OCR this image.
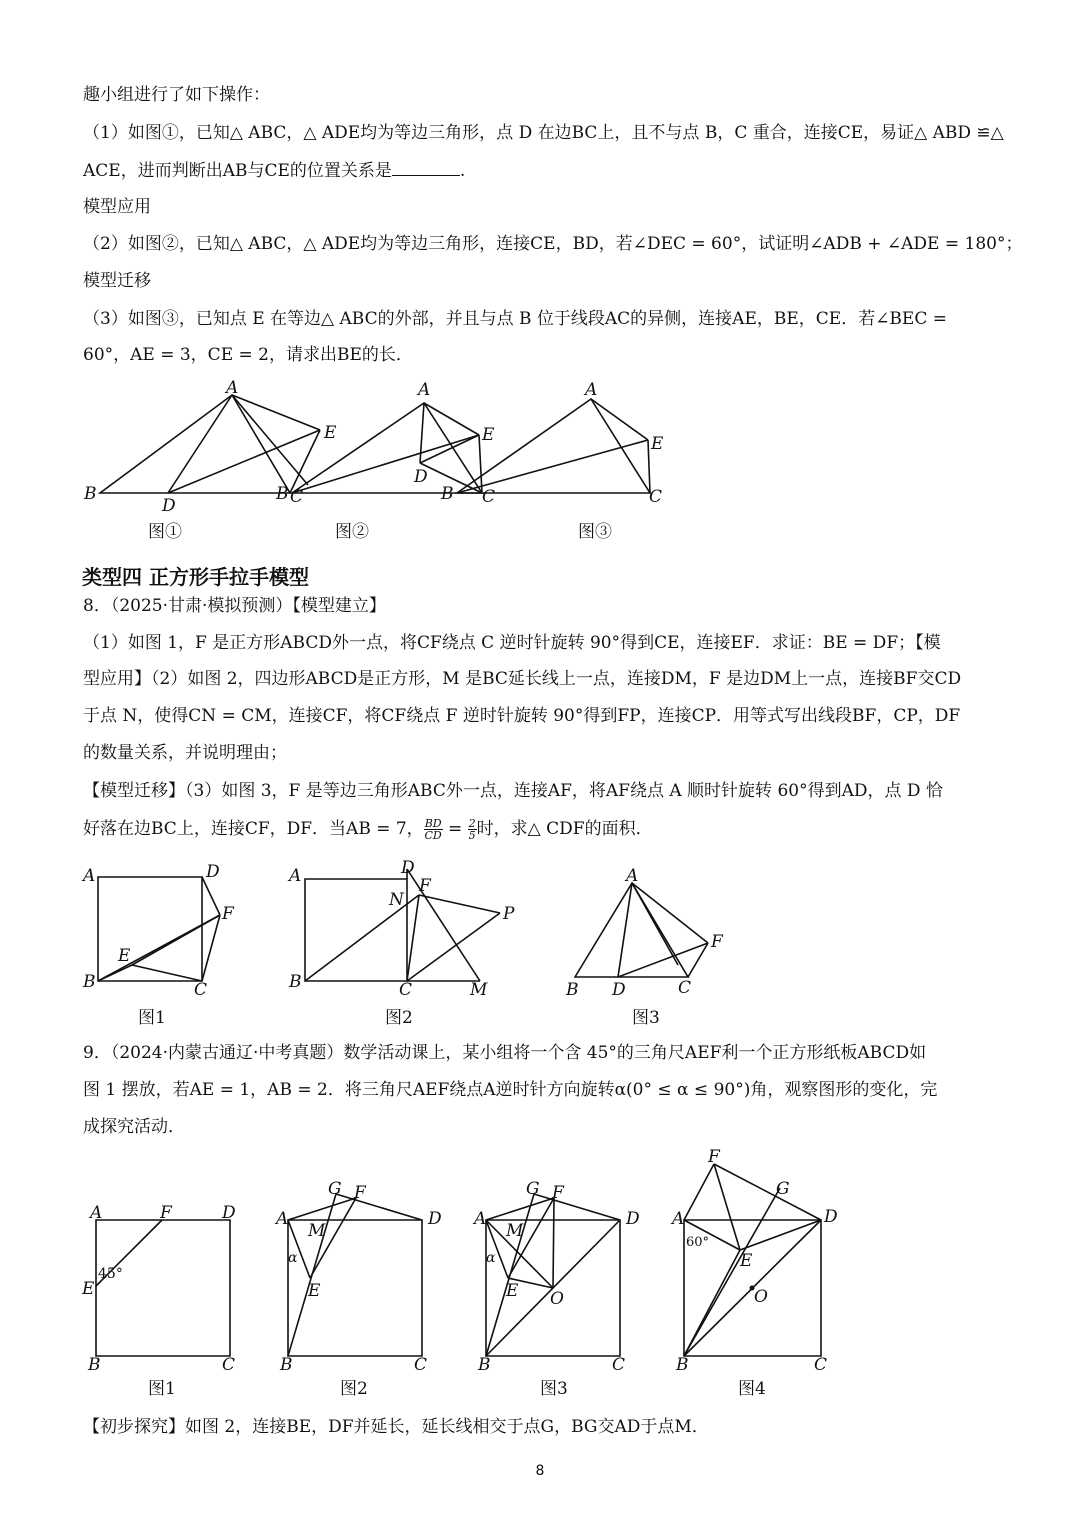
趣小组进行了如下操作：
（1）如图①，已知△ ABC，△ ADE均为等边三角形，点 D 在边BC上，且不与点 B，C 重合，连接CE，易证△ ABD ≌△
ACE，进而判断出AB与CE的位置关系是	.
模型应用
（2）如图②，已知△ ABC，△ ADE均为等边三角形，连接CE，BD，若∠DEC = 60°，试证明∠ADB + ∠ADE = 180°；
模型迁移
（3）如图③，已知点 E 在等边△ ABC的外部，并且与点 B 位于线段AC的异侧，连接AE，BE，CE．若∠BEC =
60°，AE = 3，CE = 2，请求出BE的长．
A
B	C
D
E
图①
A
B	C
D
E
图②
A
B	C
E
图③
类型四 正方形手拉手模型
8．（2025·甘肃·模拟预测）【模型建立】
（1）如图 1，F 是正方形ABCD外一点，将CF绕点 C 逆时针旋转 90°得到CE，连接EF．求证：BE = DF；【模
型应用】（2）如图 2，四边形ABCD是正方形，M 是BC延长线上一点，连接DM，F 是边DM上一点，连接BF交CD
于点 N，使得CN = CM，连接CF，将CF绕点 F 逆时针旋转 90°得到FP，连接CP．用等式写出线段BF，CP，DF
的数量关系，并说明理由；
【模型迁移】（3）如图 3，F 是等边三角形ABC外一点，连接AF，将AF绕点 A 顺时针旋转 60°得到AD，点 D 恰
好落在边BC上，连接CF，DF．当AB = 7， $\frac{BD}{CD} = \frac{2}{5}$ 时，求△ CDF的面积．
A
B	C
D
E
F
图1
A
B	C
D
N
F
P
M
图2
A
B D	C
F
图3
9．（2024·内蒙古通辽·中考真题）数学活动课上，某小组将一个含 45°的三角尺AEF利一个正方形纸板ABCD如
图 1 摆放，若AE = 1，AB = 2．将三角尺AEF绕点A逆时针方向旋转α(0° ≤ α ≤ 90°)角，观察图形的变化，完
成探究活动．
A	F	D
E
B	C
45°
图1
A
G F
D
M
α
E
B	C
图2
A
G F
D
M
α
E O
B	C
图3
F
G
A	D
60°
E
O
B	C
图4
【初步探究】如图 2，连接BE，DF并延长，延长线相交于点G，BG交AD于点M．
8
